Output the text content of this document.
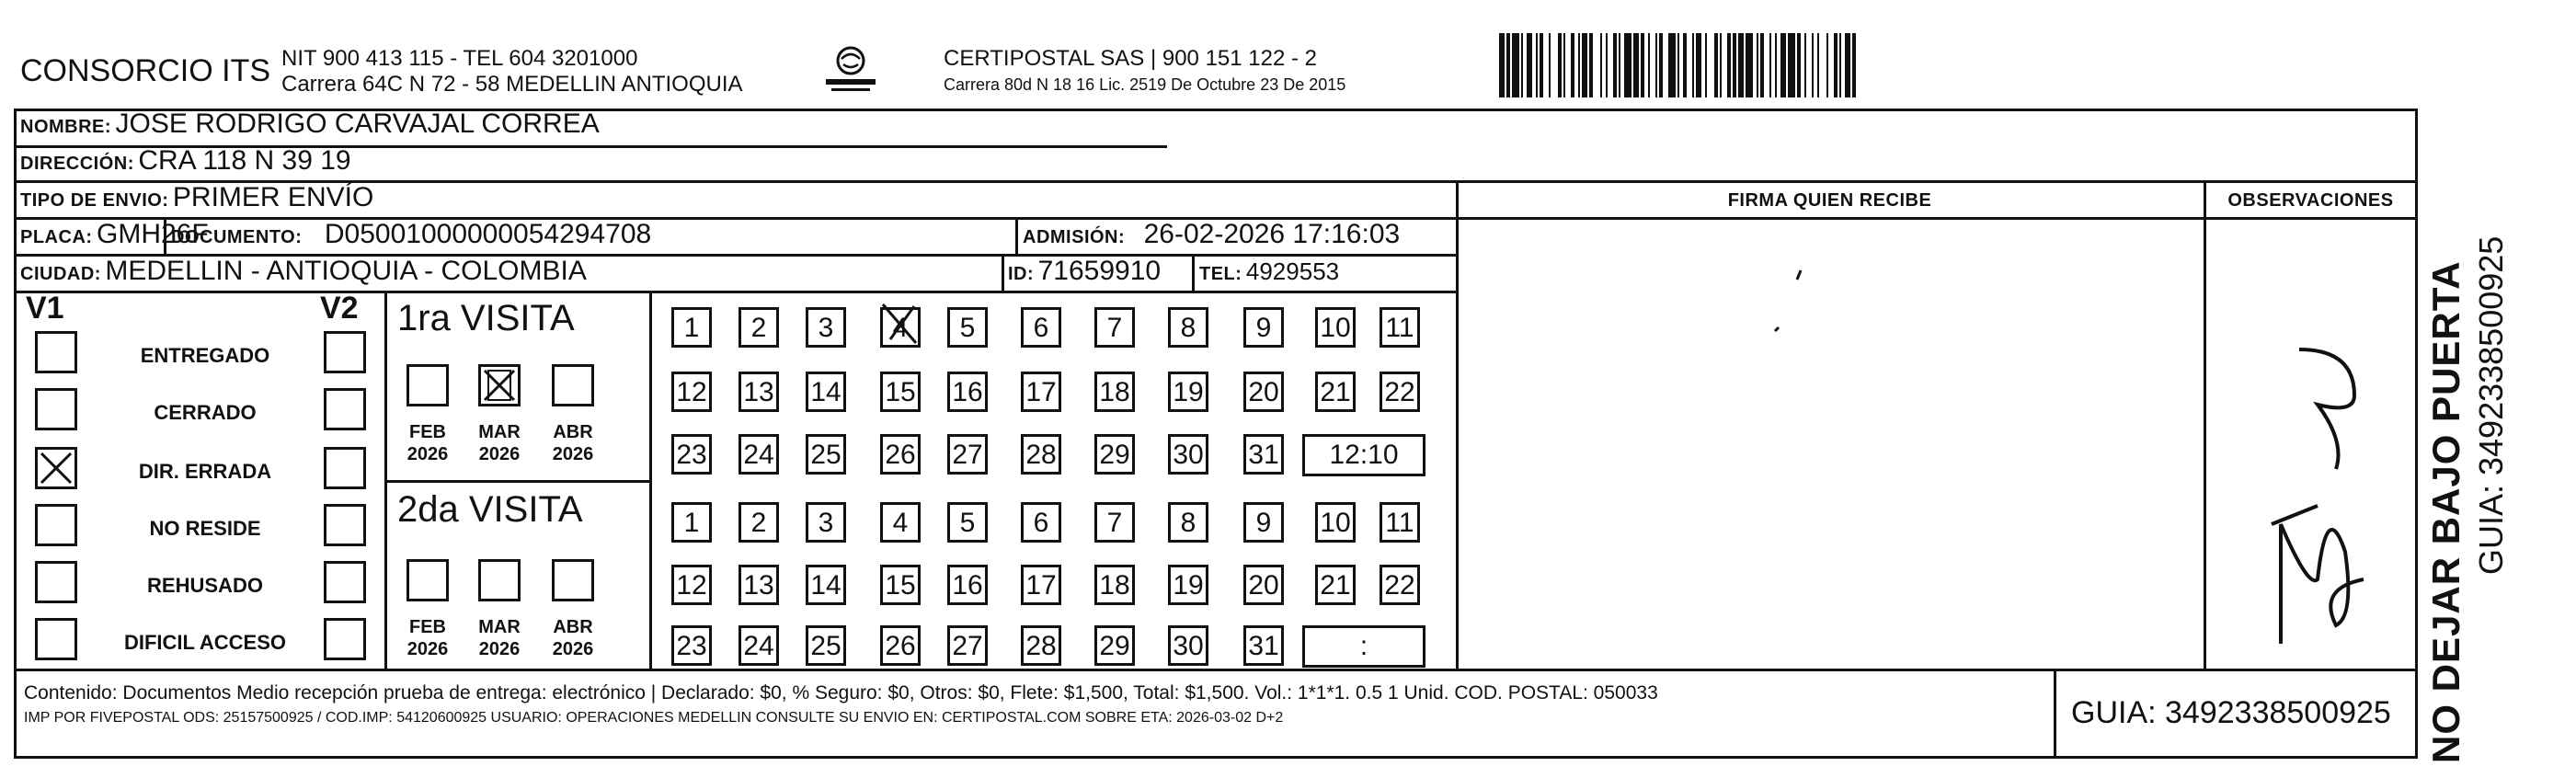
CONSORCIO ITS NIT 900 413 115 - TEL 604 3201000
Carrera 64C N 72 - 58 MEDELLIN ANTIOQUIA
CERTIPOSTAL SAS | 900 151 122 - 2
Carrera 80d N 18 16 Lic. 2519 De Octubre 23 De 2015
NOMBRE: JOSE RODRIGO CARVAJAL CORREA
DIRECCIÓN: CRA 118 N 39 19
TIPO DE ENVIO: PRIMER ENVÍO	FIRMA QUIEN RECIBE	OBSERVACIONES
PLACA: GMH26F
DOCUMENTO: D05001000000054294708	ADMISIÓN: 26-02-2026 17:16:03
CIUDAD: MEDELLIN - ANTIOQUIA - COLOMBIA	ID: 71659910 TEL: 4929553
V1	V2
ENTREGADO
CERRADO
DIR. ERRADA
NO RESIDE
REHUSADO
DIFICIL ACCESO
1ra VISITA
2da VISITA
FEB
2026
MAR
2026
ABR
2026
FEB
2026
MAR
2026
ABR
2026
1	2	3	4	5	6	7	8	9	10 11
12 13 14 15 16 17 18 19 20 21 22
23 24 25 26 27 28 29 30 31	12:10
1	2	3	4	5	6	7	8	9	10 11
12 13 14 15 16 17 18 19 20 21 22
23 24 25 26 27 28 29 30 31	:	NO DEJAR BAJO PUERTA GUIA: 3492338500925
Contenido: Documentos Medio recepción prueba de entrega: electrónico | Declarado: $0, % Seguro: $0, Otros: $0, Flete: $1,500, Total: $1,500. Vol.: 1*1*1. 0.5 1 Unid. COD. POSTAL: 050033
IMP POR FIVEPOSTAL ODS: 25157500925 / COD.IMP: 54120600925 USUARIO: OPERACIONES MEDELLIN CONSULTE SU ENVIO EN: CERTIPOSTAL.COM SOBRE ETA: 2026-03-02 D+2	GUIA: 3492338500925
